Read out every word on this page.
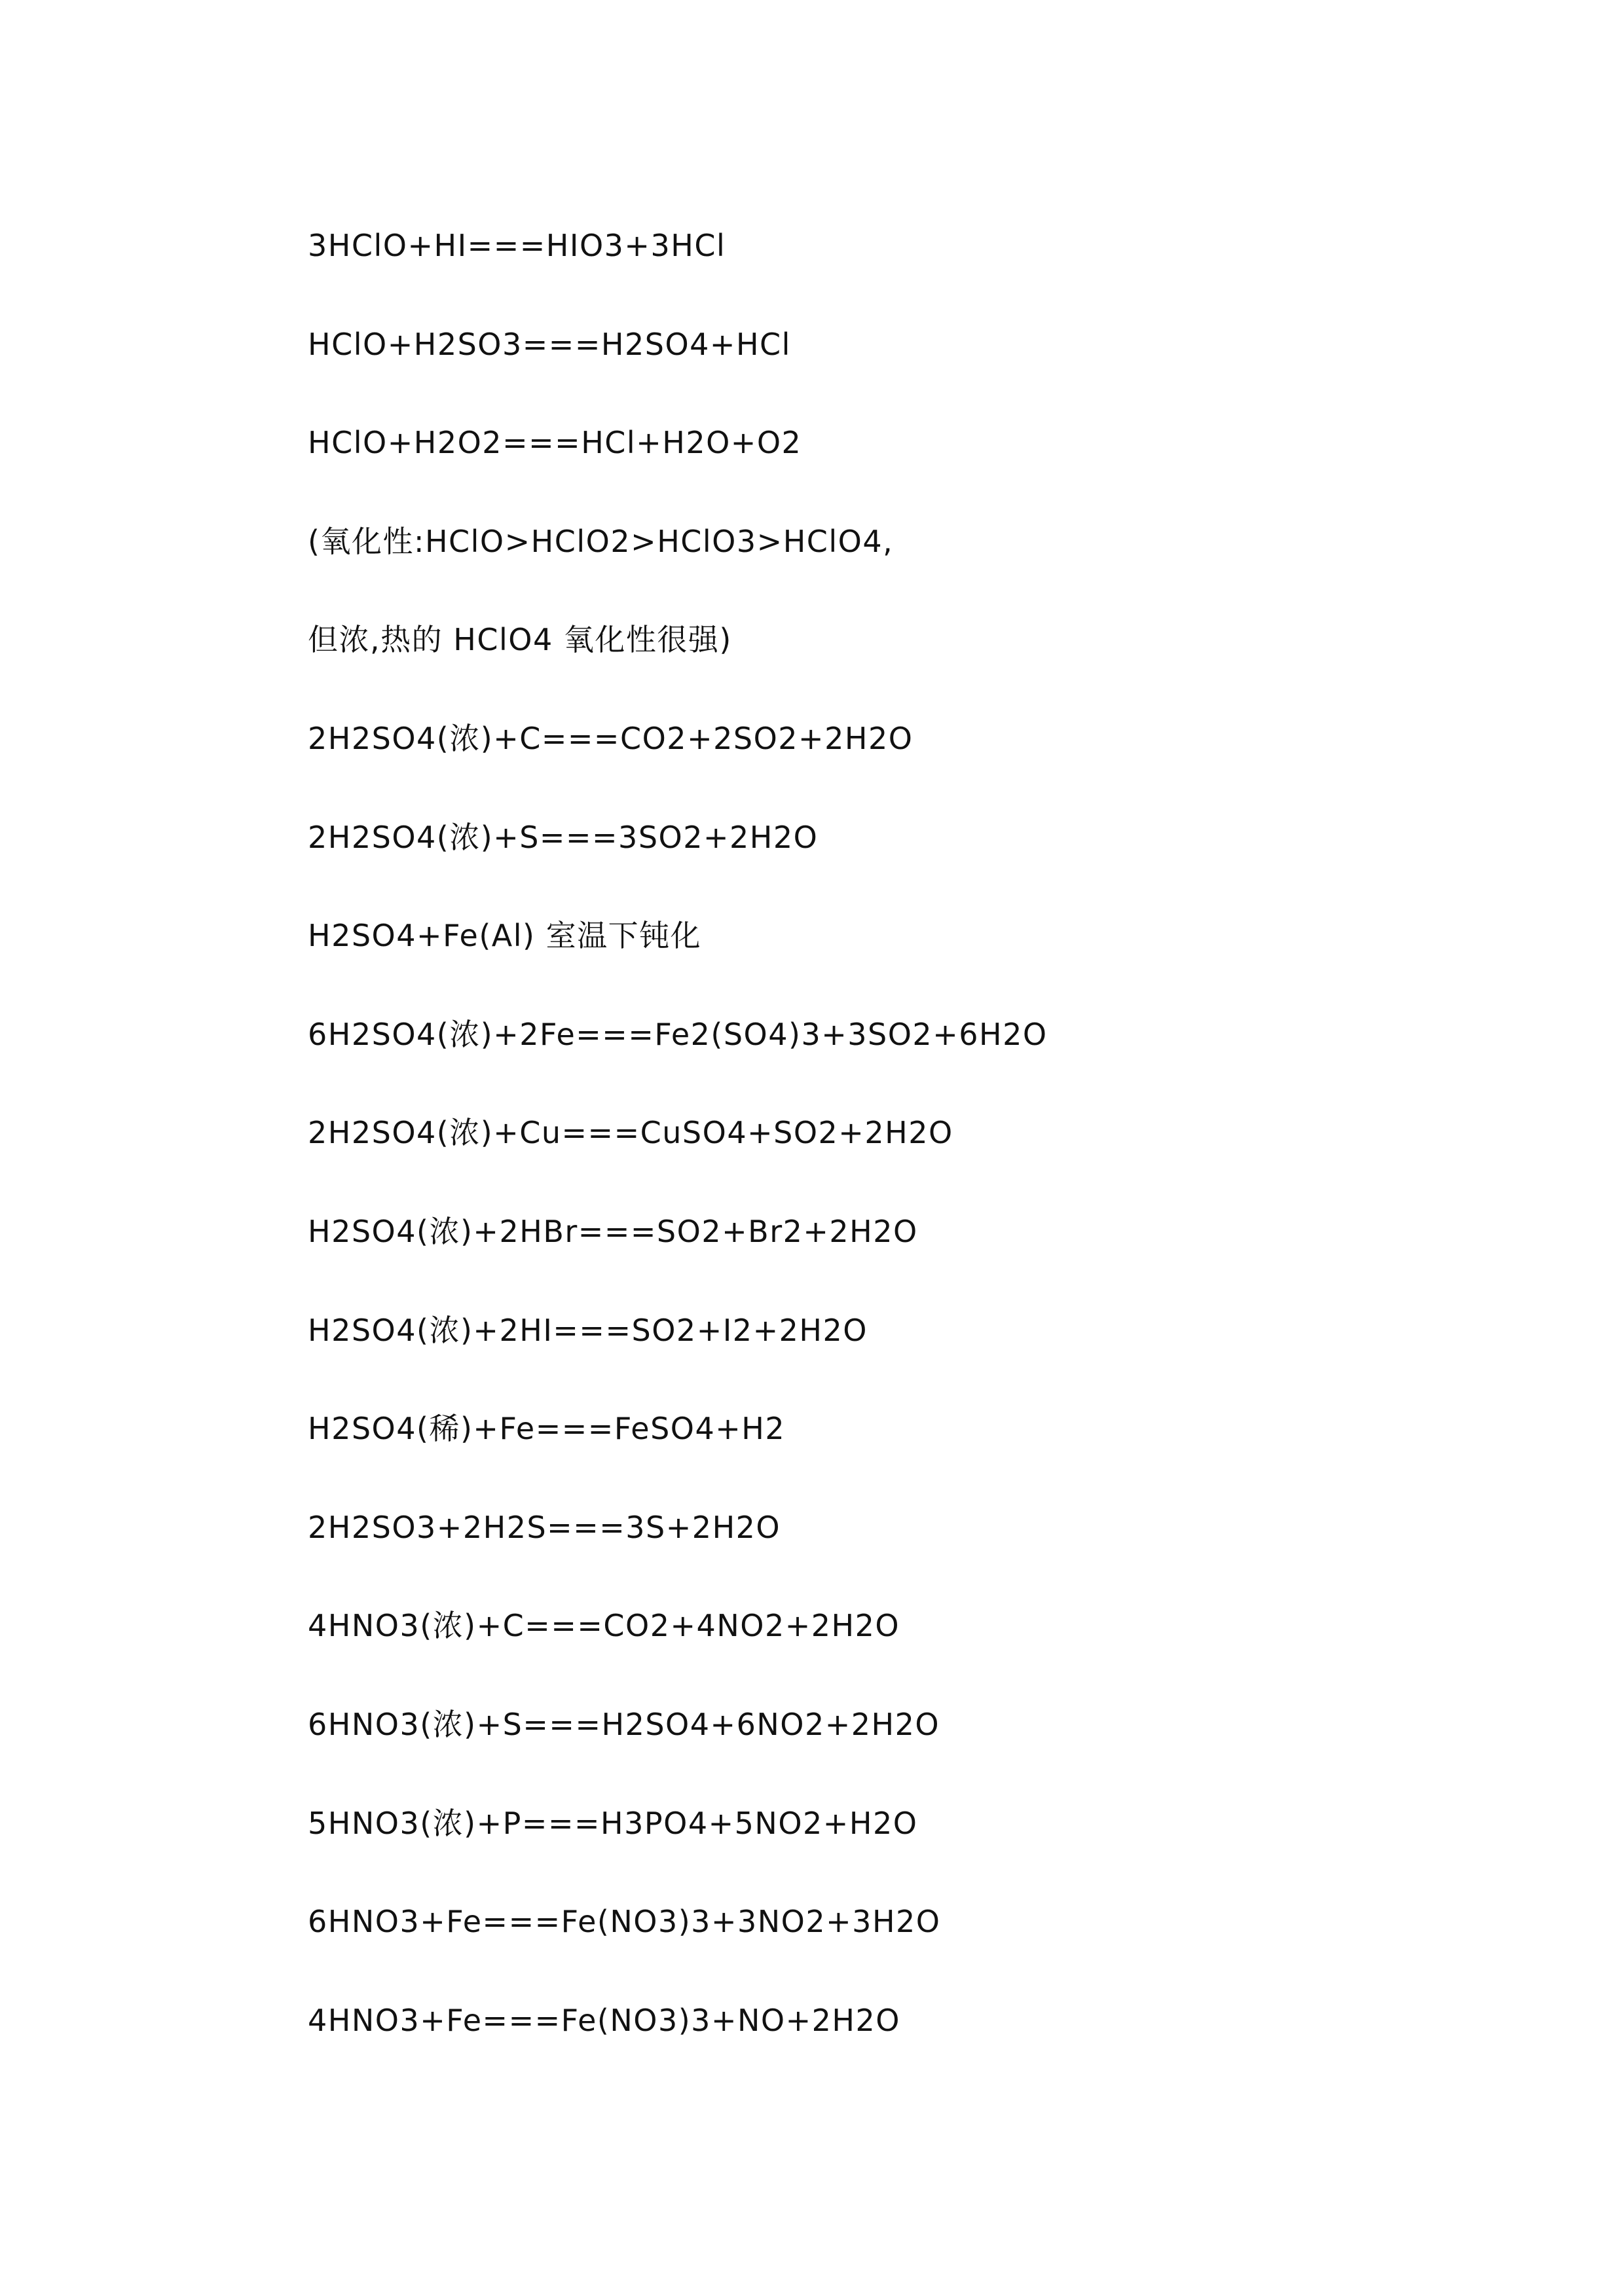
3HClO+HI===HIO3+3HCl
HClO+H2SO3===H2SO4+HCl
HClO+H2O2===HCl+H2O+O2
(氧化性:HClO>HClO2>HClO3>HClO4,
但浓,热的 HClO4 氧化性很强)
2H2SO4(浓)+C===CO2+2SO2+2H2O
2H2SO4(浓)+S===3SO2+2H2O
H2SO4+Fe(Al) 室温下钝化
6H2SO4(浓)+2Fe===Fe2(SO4)3+3SO2+6H2O
2H2SO4(浓)+Cu===CuSO4+SO2+2H2O
H2SO4(浓)+2HBr===SO2+Br2+2H2O
H2SO4(浓)+2HI===SO2+I2+2H2O
H2SO4(稀)+Fe===FeSO4+H2
2H2SO3+2H2S===3S+2H2O
4HNO3(浓)+C===CO2+4NO2+2H2O
6HNO3(浓)+S===H2SO4+6NO2+2H2O
5HNO3(浓)+P===H3PO4+5NO2+H2O
6HNO3+Fe===Fe(NO3)3+3NO2+3H2O
4HNO3+Fe===Fe(NO3)3+NO+2H2O
